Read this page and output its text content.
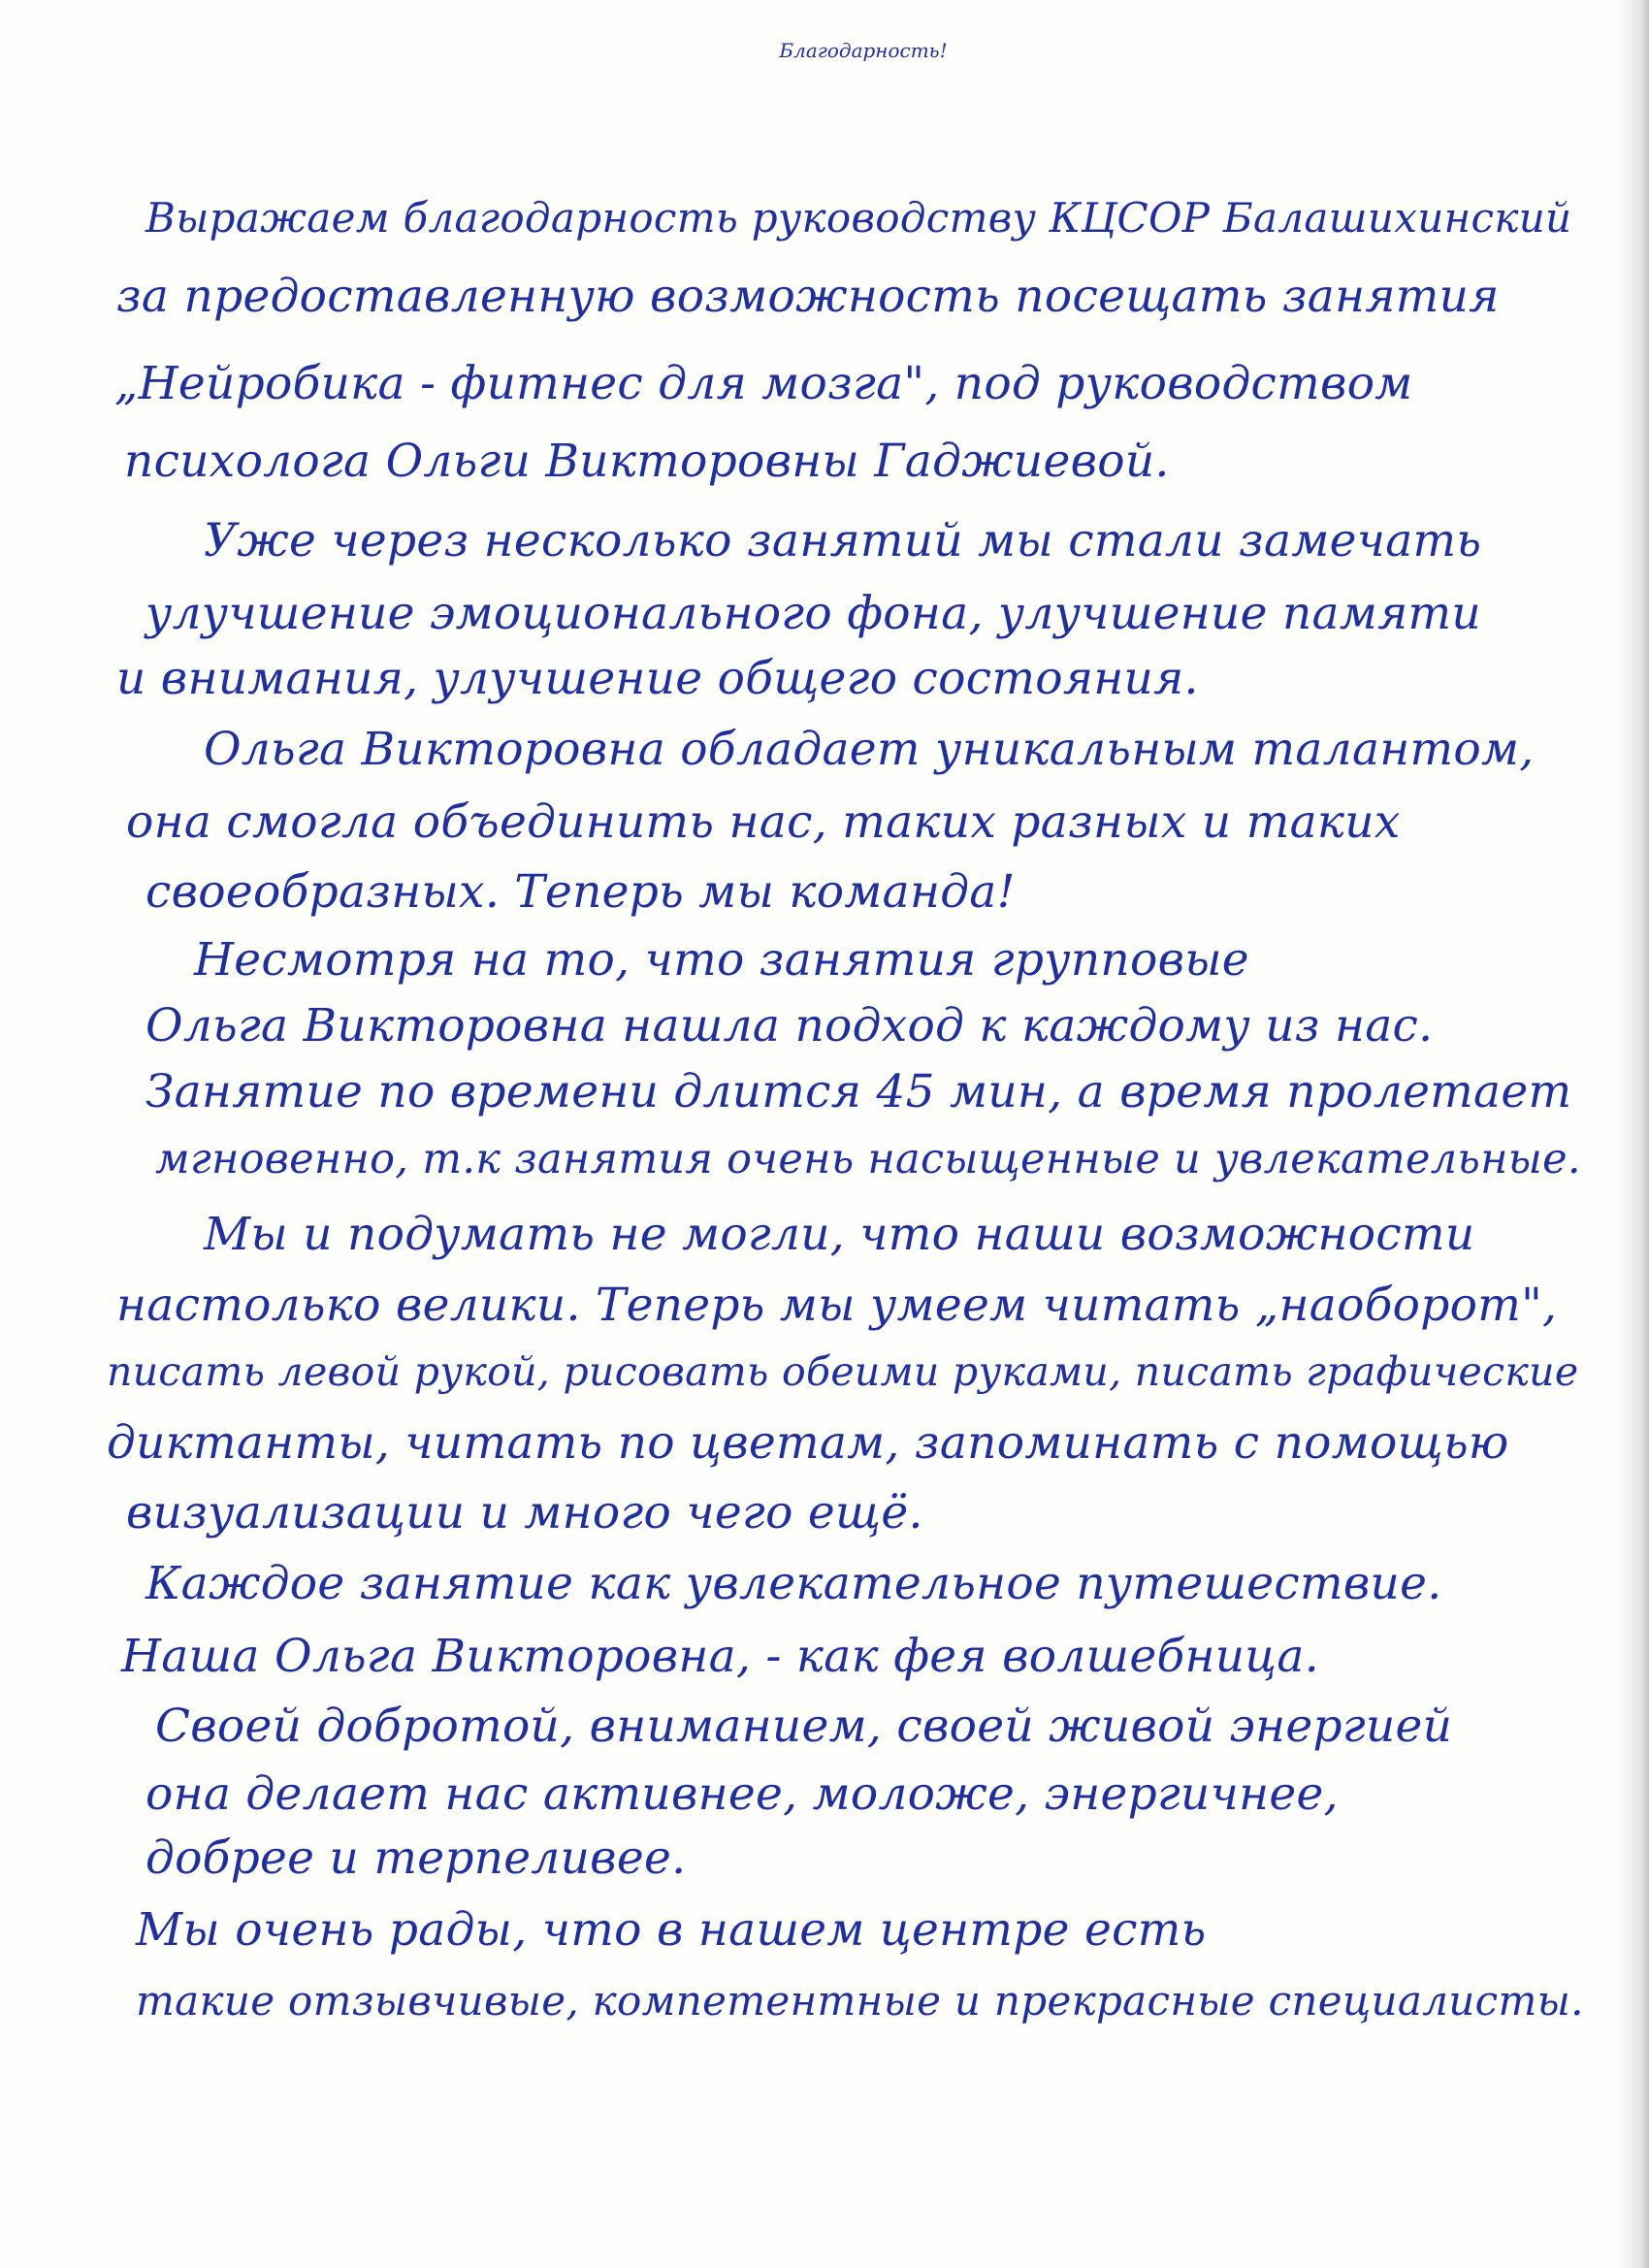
Благодарность!
Выражаем благодарность руководству КЦСОР Балашихинский
за предоставленную возможность посещать занятия
„Нейробика - фитнес для мозга", под руководством
психолога Ольги Викторовны Гаджиевой.
Уже через несколько занятий мы стали замечать
улучшение эмоционального фона, улучшение памяти
и внимания, улучшение общего состояния.
Ольга Викторовна обладает уникальным талантом,
она смогла объединить нас, таких разных и таких
своеобразных. Теперь мы команда!
Несмотря на то, что занятия групповые
Ольга Викторовна нашла подход к каждому из нас.
Занятие по времени длится 45 мин, а время пролетает
мгновенно, т.к занятия очень насыщенные и увлекательные.
Мы и подумать не могли, что наши возможности
настолько велики. Теперь мы умеем читать „наоборот",
писать левой рукой, рисовать обеими руками, писать графические
диктанты, читать по цветам, запоминать с помощью
визуализации и много чего ещё.
Каждое занятие как увлекательное путешествие.
Наша Ольга Викторовна, - как фея волшебница.
Своей добротой, вниманием, своей живой энергией
она делает нас активнее, моложе, энергичнее,
добрее и терпеливее.
Мы очень рады, что в нашем центре есть
такие отзывчивые, компетентные и прекрасные специалисты.
